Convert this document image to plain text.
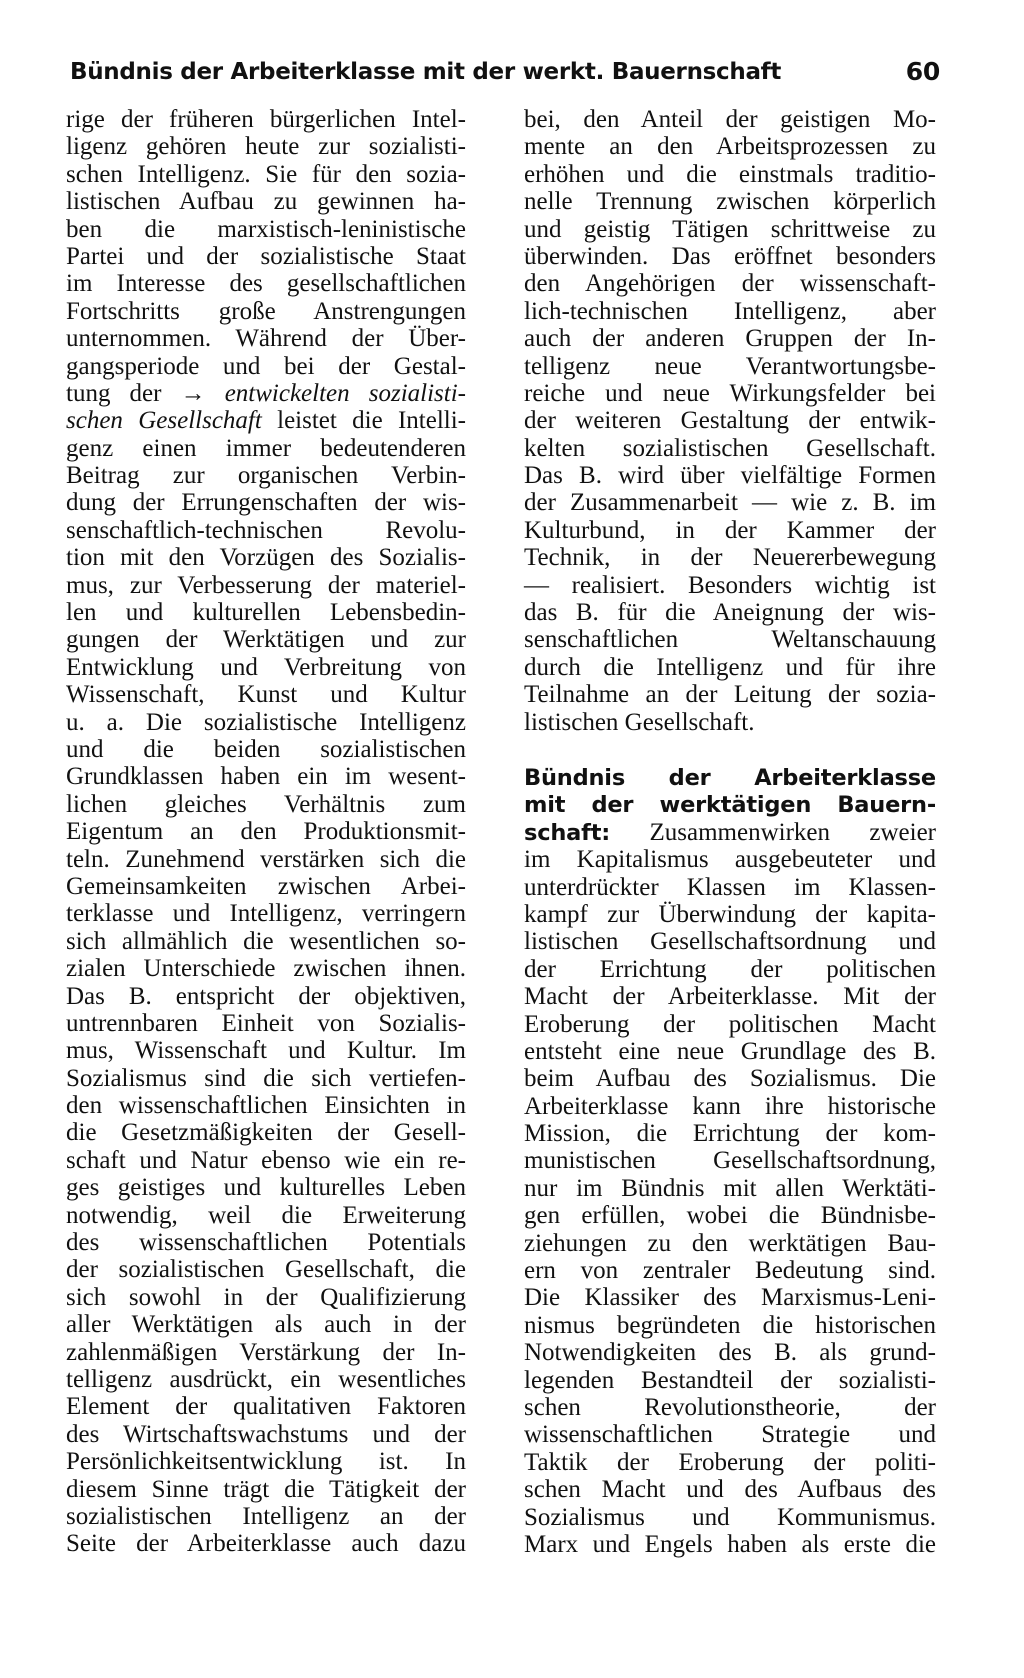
Bündnis der Arbeiterklasse mit der werkt. Bauernschaft	60
rige der früheren bürgerlichen Intel-
ligenz gehören heute zur sozialisti-
schen Intelligenz. Sie für den sozia-
listischen Aufbau zu gewinnen ha-
ben die marxistisch-leninistische
Partei und der sozialistische Staat
im Interesse des gesellschaftlichen
Fortschritts große Anstrengungen
unternommen. Während der Über-
gangsperiode und bei der Gestal-
tung der → entwickelten sozialisti-
schen Gesellschaft leistet die Intelli-
genz einen immer bedeutenderen
Beitrag zur organischen Verbin-
dung der Errungenschaften der wis-
senschaftlich-technischen Revolu-
tion mit den Vorzügen des Sozialis-
mus, zur Verbesserung der materiel-
len und kulturellen Lebensbedin-
gungen der Werktätigen und zur
Entwicklung und Verbreitung von
Wissenschaft, Kunst und Kultur
u. a. Die sozialistische Intelligenz
und die beiden sozialistischen
Grundklassen haben ein im wesent-
lichen gleiches Verhältnis zum
Eigentum an den Produktionsmit-
teln. Zunehmend verstärken sich die
Gemeinsamkeiten zwischen Arbei-
terklasse und Intelligenz, verringern
sich allmählich die wesentlichen so-
zialen Unterschiede zwischen ihnen.
Das B. entspricht der objektiven,
untrennbaren Einheit von Sozialis-
mus, Wissenschaft und Kultur. Im
Sozialismus sind die sich vertiefen-
den wissenschaftlichen Einsichten in
die Gesetzmäßigkeiten der Gesell-
schaft und Natur ebenso wie ein re-
ges geistiges und kulturelles Leben
notwendig, weil die Erweiterung
des wissenschaftlichen Potentials
der sozialistischen Gesellschaft, die
sich sowohl in der Qualifizierung
aller Werktätigen als auch in der
zahlenmäßigen Verstärkung der In-
telligenz ausdrückt, ein wesentliches
Element der qualitativen Faktoren
des Wirtschaftswachstums und der
Persönlichkeitsentwicklung ist. In
diesem Sinne trägt die Tätigkeit der
sozialistischen Intelligenz an der
Seite der Arbeiterklasse auch dazu
bei, den Anteil der geistigen Mo-
mente an den Arbeitsprozessen zu
erhöhen und die einstmals traditio-
nelle Trennung zwischen körperlich
und geistig Tätigen schrittweise zu
überwinden. Das eröffnet besonders
den Angehörigen der wissenschaft-
lich-technischen Intelligenz, aber
auch der anderen Gruppen der In-
telligenz neue Verantwortungsbe-
reiche und neue Wirkungsfelder bei
der weiteren Gestaltung der entwik-
kelten sozialistischen Gesellschaft.
Das B. wird über vielfältige Formen
der Zusammenarbeit — wie z. B. im
Kulturbund, in der Kammer der
Technik, in der Neuererbewegung
— realisiert. Besonders wichtig ist
das B. für die Aneignung der wis-
senschaftlichen Weltanschauung
durch die Intelligenz und für ihre
Teilnahme an der Leitung der sozia-
listischen Gesellschaft.
Bündnis der Arbeiterklasse
mit der werktätigen Bauern-
schaft: Zusammenwirken zweier
im Kapitalismus ausgebeuteter und
unterdrückter Klassen im Klassen-
kampf zur Überwindung der kapita-
listischen Gesellschaftsordnung und
der Errichtung der politischen
Macht der Arbeiterklasse. Mit der
Eroberung der politischen Macht
entsteht eine neue Grundlage des B.
beim Aufbau des Sozialismus. Die
Arbeiterklasse kann ihre historische
Mission, die Errichtung der kom-
munistischen Gesellschaftsordnung,
nur im Bündnis mit allen Werktäti-
gen erfüllen, wobei die Bündnisbe-
ziehungen zu den werktätigen Bau-
ern von zentraler Bedeutung sind.
Die Klassiker des Marxismus-Leni-
nismus begründeten die historischen
Notwendigkeiten des B. als grund-
legenden Bestandteil der sozialisti-
schen Revolutionstheorie, der
wissenschaftlichen Strategie und
Taktik der Eroberung der politi-
schen Macht und des Aufbaus des
Sozialismus und Kommunismus.
Marx und Engels haben als erste die
